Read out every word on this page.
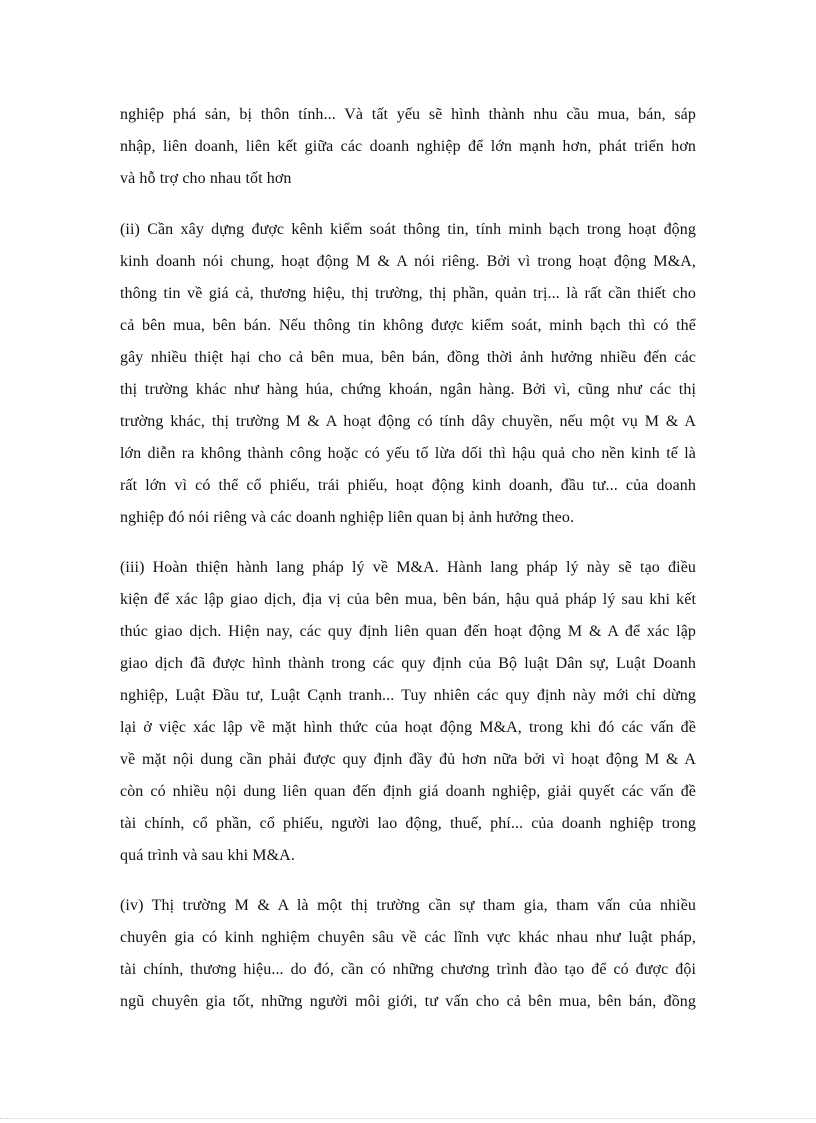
nghiệp phá sản, bị thôn tính... Và tất yếu sẽ hình thành nhu cầu mua, bán, sáp
nhập, liên doanh, liên kết giữa các doanh nghiệp để lớn mạnh hơn, phát triển hơn
và hỗ trợ cho nhau tốt hơn
(ii) Cần xây dựng được kênh kiểm soát thông tin, tính minh bạch trong hoạt động
kinh doanh nói chung, hoạt động M & A nói riêng. Bởi vì trong hoạt động M&A,
thông tin về giá cả, thương hiệu, thị trường, thị phần, quản trị... là rất cần thiết cho
cả bên mua, bên bán. Nếu thông tin không được kiểm soát, minh bạch thì có thể
gây nhiều thiệt hại cho cả bên mua, bên bán, đồng thời ảnh hưởng nhiều đến các
thị trường khác như hàng húa, chứng khoán, ngân hàng. Bởi vì, cũng như các thị
trường khác, thị trường M & A hoạt động có tính dây chuyền, nếu một vụ M & A
lớn diễn ra không thành công hoặc có yếu tố lừa dối thì hậu quả cho nền kinh tế là
rất lớn vì có thể cổ phiếu, trái phiếu, hoạt động kinh doanh, đầu tư... của doanh
nghiệp đó nói riêng và các doanh nghiệp liên quan bị ảnh hưởng theo.
(iii) Hoàn thiện hành lang pháp lý về M&A. Hành lang pháp lý này sẽ tạo điều
kiện để xác lập giao dịch, địa vị của bên mua, bên bán, hậu quả pháp lý sau khi kết
thúc giao dịch. Hiện nay, các quy định liên quan đến hoạt động M & A để xác lập
giao dịch đã được hình thành trong các quy định của Bộ luật Dân sự, Luật Doanh
nghiệp, Luật Đầu tư, Luật Cạnh tranh... Tuy nhiên các quy định này mới chỉ dừng
lại ở việc xác lập về mặt hình thức của hoạt động M&A, trong khi đó các vấn đề
về mặt nội dung cần phải được quy định đầy đủ hơn nữa bởi vì hoạt động M & A
còn có nhiều nội dung liên quan đến định giá doanh nghiệp, giải quyết các vấn đề
tài chính, cổ phần, cổ phiếu, người lao động, thuế, phí... của doanh nghiệp trong
quá trình và sau khi M&A.
(iv) Thị trường M & A là một thị trường cần sự tham gia, tham vấn của nhiều
chuyên gia có kinh nghiệm chuyên sâu về các lĩnh vực khác nhau như luật pháp,
tài chính, thương hiệu... do đó, cần có những chương trình đào tạo để có được đội
ngũ chuyên gia tốt, những người môi giới, tư vấn cho cả bên mua, bên bán, đồng
